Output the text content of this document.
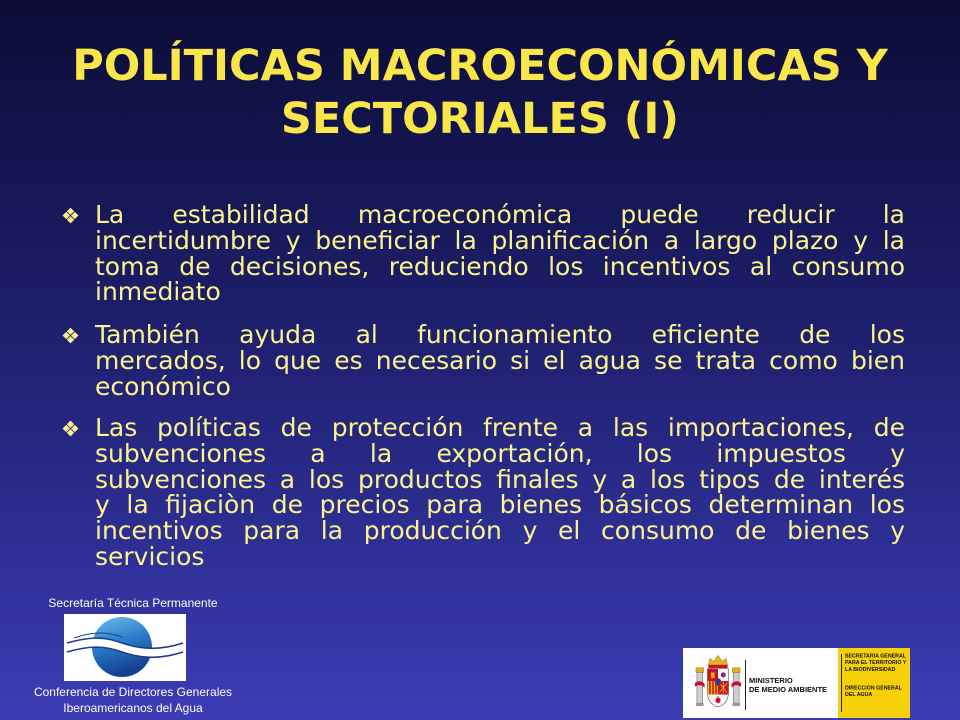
POLÍTICAS MACROECONÓMICAS Y
SECTORIALES (I)
La estabilidad macroeconómica puede reducir la
incertidumbre y beneficiar la planificación a largo plazo y la
toma de decisiones, reduciendo los incentivos al consumo
inmediato
También ayuda al funcionamiento eficiente de los
mercados, lo que es necesario si el agua se trata como bien
económico
Las políticas de protección frente a las importaciones, de
subvenciones a la exportación, los impuestos y
subvenciones a los productos finales y a los tipos de interés
y la fijaciòn de precios para bienes básicos determinan los
incentivos para la producción y el consumo de bienes y
servicios
Secretaría Técnica Permanente
Conferencia de Directores Generales
Iberoamericanos del Agua
MINISTERIO
DE MEDIO AMBIENTE
SECRETARÍA GENERAL
PARA EL TERRITORIO Y
LA BIODIVERSIDAD
DIRECCIÓN GENERAL
DEL AGUA
